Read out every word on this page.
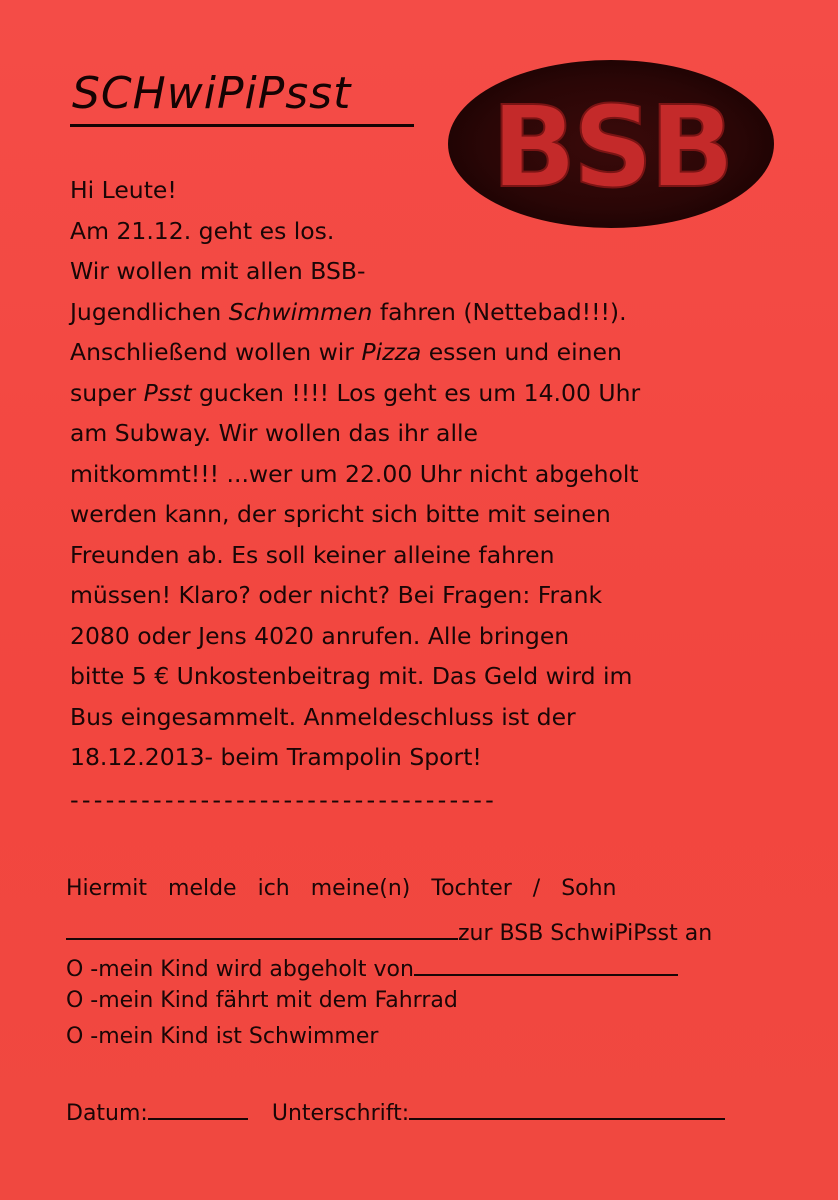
SCHwiPiPsst BSB

Hi Leute!

Am 21.12. geht es los.

Wir wollen mit allen BSB-

Jugendlichen Schwimmen fahren (Nettebad!!!).

Anschließend wollen wir Pizza essen und einen

super Psst gucken !!!! Los geht es um 14.00 Uhr

am Subway. Wir wollen das ihr alle

mitkommt!!! ...wer um 22.00 Uhr nicht abgeholt

werden kann, der spricht sich bitte mit seinen

Freunden ab. Es soll keiner alleine fahren

müssen! Klaro? oder nicht? Bei Fragen: Frank

2080 oder Jens 4020 anrufen. Alle bringen

bitte 5 € Unkostenbeitrag mit. Das Geld wird im

Bus eingesammelt. Anmeldeschluss ist der

18.12.2013- beim Trampolin Sport!

------------------------------------
Hiermit melde ich meine(n) Tochter / Sohn
zur BSB SchwiPiPsst an
O -mein Kind wird abgeholt von
O -mein Kind fährt mit dem Fahrrad
O -mein Kind ist Schwimmer
Datum:	Unterschrift:
